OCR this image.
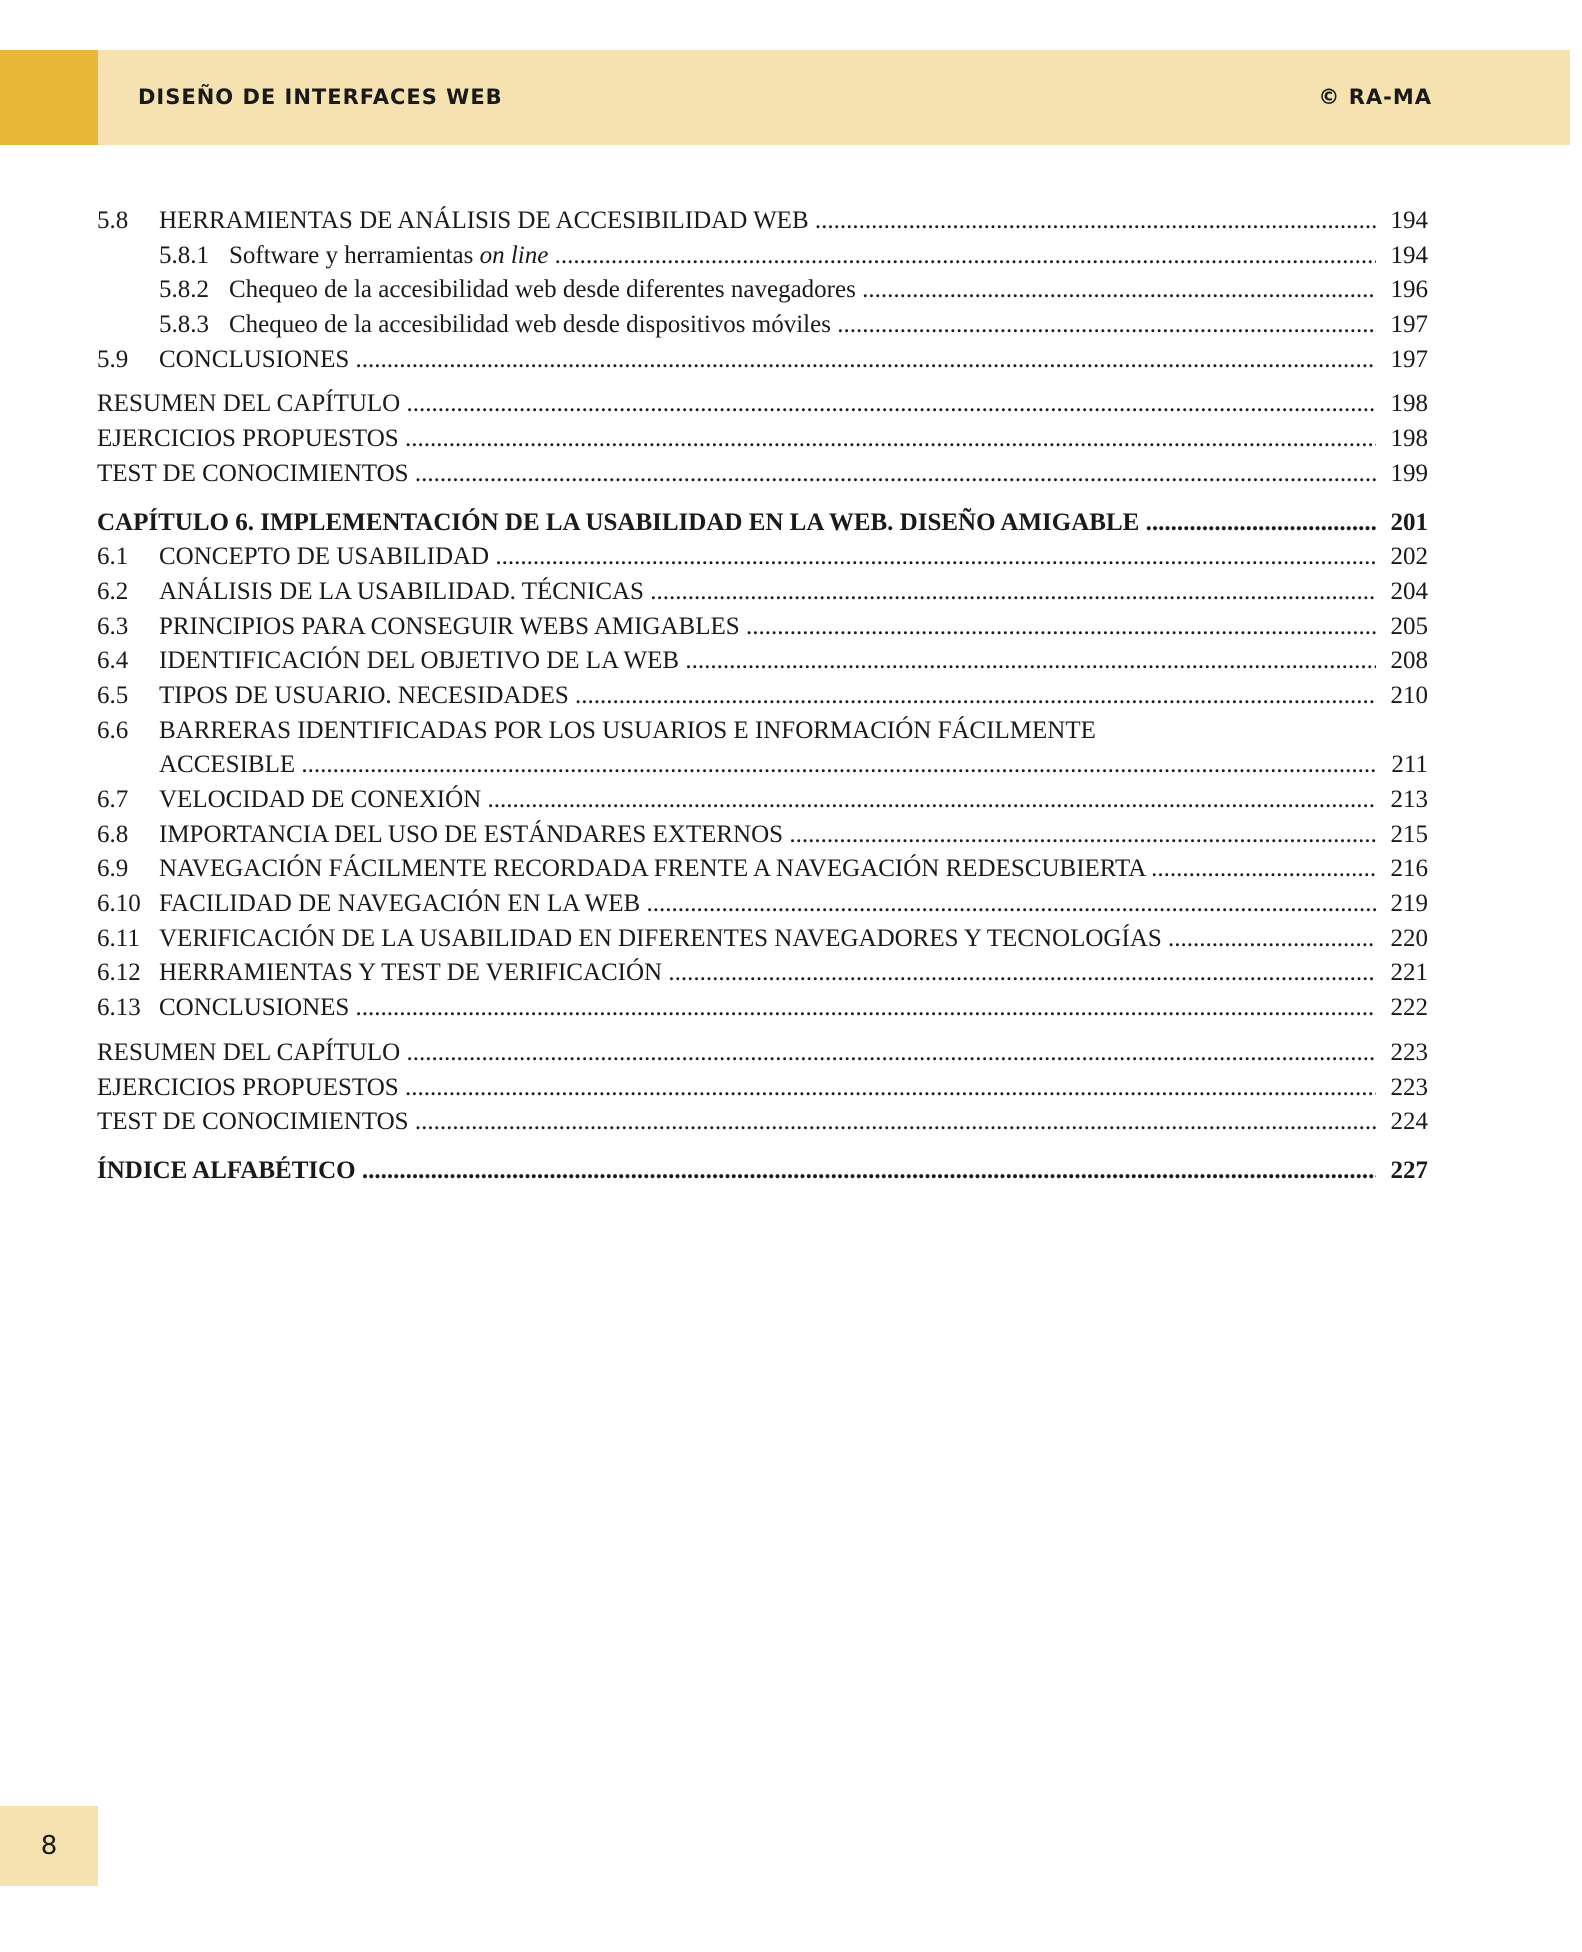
DISEÑO DE INTERFACES WEB	© RA-MA
5.8 HERRAMIENTAS DE ANÁLISIS DE ACCESIBILIDAD WEB .....	194
5.8.1 Software y herramientas on line .....	194
5.8.2 Chequeo de la accesibilidad web desde diferentes navegadores .....	196
5.8.3 Chequeo de la accesibilidad web desde dispositivos móviles .....	197
5.9 CONCLUSIONES .....	197
RESUMEN DEL CAPÍTULO .....	198
EJERCICIOS PROPUESTOS .....	198
TEST DE CONOCIMIENTOS .....	199
CAPÍTULO 6. IMPLEMENTACIÓN DE LA USABILIDAD EN LA WEB. DISEÑO AMIGABLE .....	201
6.1 CONCEPTO DE USABILIDAD .....	202
6.2 ANÁLISIS DE LA USABILIDAD. TÉCNICAS .....	204
6.3 PRINCIPIOS PARA CONSEGUIR WEBS AMIGABLES .....	205
6.4 IDENTIFICACIÓN DEL OBJETIVO DE LA WEB .....	208
6.5 TIPOS DE USUARIO. NECESIDADES .....	210
6.6 BARRERAS IDENTIFICADAS POR LOS USUARIOS E INFORMACIÓN FÁCILMENTE
ACCESIBLE .....	211
6.7 VELOCIDAD DE CONEXIÓN .....	213
6.8 IMPORTANCIA DEL USO DE ESTÁNDARES EXTERNOS .....	215
6.9 NAVEGACIÓN FÁCILMENTE RECORDADA FRENTE A NAVEGACIÓN REDESCUBIERTA .....	216
6.10 FACILIDAD DE NAVEGACIÓN EN LA WEB .....	219
6.11 VERIFICACIÓN DE LA USABILIDAD EN DIFERENTES NAVEGADORES Y TECNOLOGÍAS .....	220
6.12 HERRAMIENTAS Y TEST DE VERIFICACIÓN .....	221
6.13 CONCLUSIONES .....	222
RESUMEN DEL CAPÍTULO .....	223
EJERCICIOS PROPUESTOS .....	223
TEST DE CONOCIMIENTOS .....	224
ÍNDICE ALFABÉTICO .....	227
8
